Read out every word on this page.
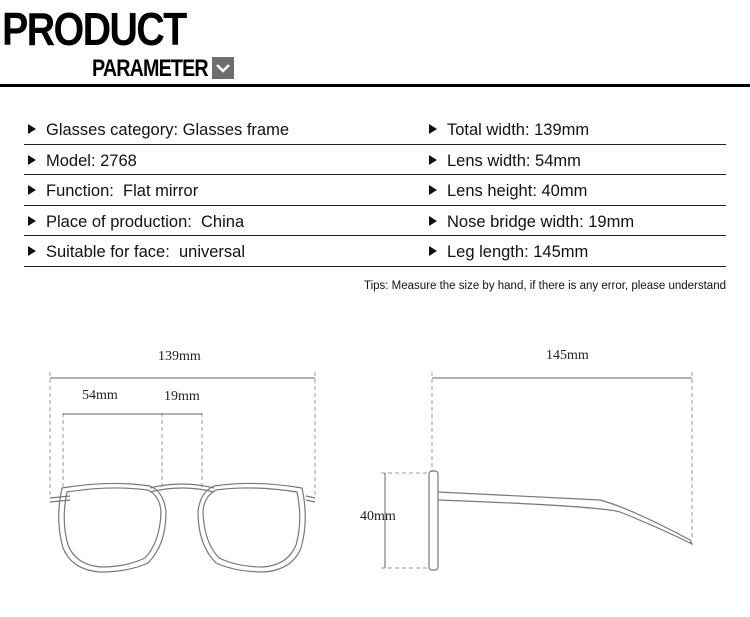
PRODUCT
PARAMETER
Glasses category: Glasses frame	Total width: 139mm
Model: 2768	Lens width: 54mm
Function:  Flat mirror	Lens height: 40mm
Place of production:  China	Nose bridge width: 19mm
Suitable for face:  universal	Leg length: 145mm
Tips: Measure the size by hand, if there is any error, please understand
139mm
54mm	19mm
40mm
145mm
